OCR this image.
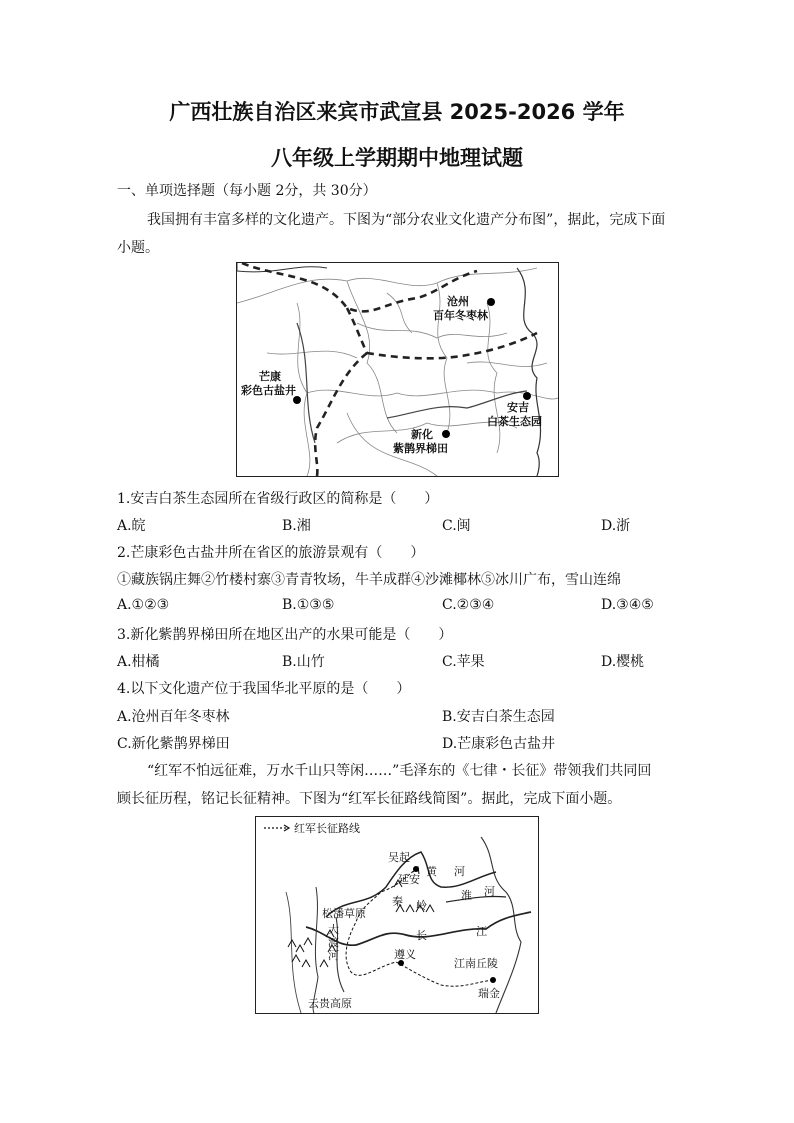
广西壮族自治区来宾市武宣县 2025-2026 学年
八年级上学期期中地理试题
一、单项选择题（每小题 2分，共 30分）
我国拥有丰富多样的文化遗产。下图为“部分农业文化遗产分布图”，据此，完成下面
小题。
沧州
百年冬枣林
芒康
彩色古盐井
安吉
白茶生态园
新化
紫鹊界梯田
1.安吉白茶生态园所在省级行政区的简称是（　　）
A.皖	B.湘	C.闽	D.浙
2.芒康彩色古盐井所在省区的旅游景观有（　　）
①藏族锅庄舞②竹楼村寨③青青牧场，牛羊成群④沙滩椰林⑤冰川广布，雪山连绵
A.①②③	B.①③⑤	C.②③④	D.③④⑤
3.新化紫鹊界梯田所在地区出产的水果可能是（　　）
A.柑橘	B.山竹	C.苹果	D.樱桃
4.以下文化遗产位于我国华北平原的是（　　）
A.沧州百年冬枣林	B.安吉白茶生态园
C.新化紫鹊界梯田	D.芒康彩色古盐井
“红军不怕远征难，万水千山只等闲……”毛泽东的《七律・长征》带领我们共同回
顾长征历程，铭记长征精神。下图为“红军长征路线简图”。据此，完成下面小题。
红军长征路线
吴起
延安
黄 河
淮 河
秦 岭
松潘草原
大
渡
河
长	江
遵义
江南丘陵
瑞金
云贵高原
